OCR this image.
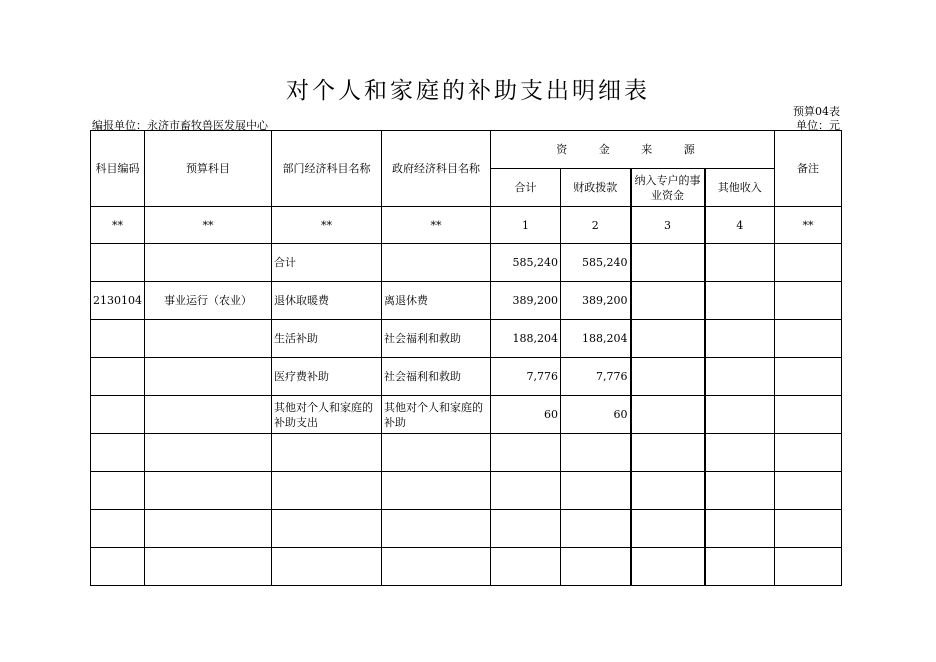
对个人和家庭的补助支出明细表
预算04表
编报单位：永济市畜牧兽医发展中心	单位：元
科目编码	预算科目	部门经济科目名称	政府经济科目名称	资 金 来 源				备注
				合计	财政拨款	纳入专户的事业资金	其他收入	
**	**	**	**	1	2	3	4	**
		合计		585,240	585,240			
2130104	事业运行（农业）	退休取暖费	离退休费	389,200	389,200			
		生活补助	社会福利和救助	188,204	188,204			
		医疗费补助	社会福利和救助	7,776	7,776			
		其他对个人和家庭的补助支出	其他对个人和家庭的补助	60	60			
